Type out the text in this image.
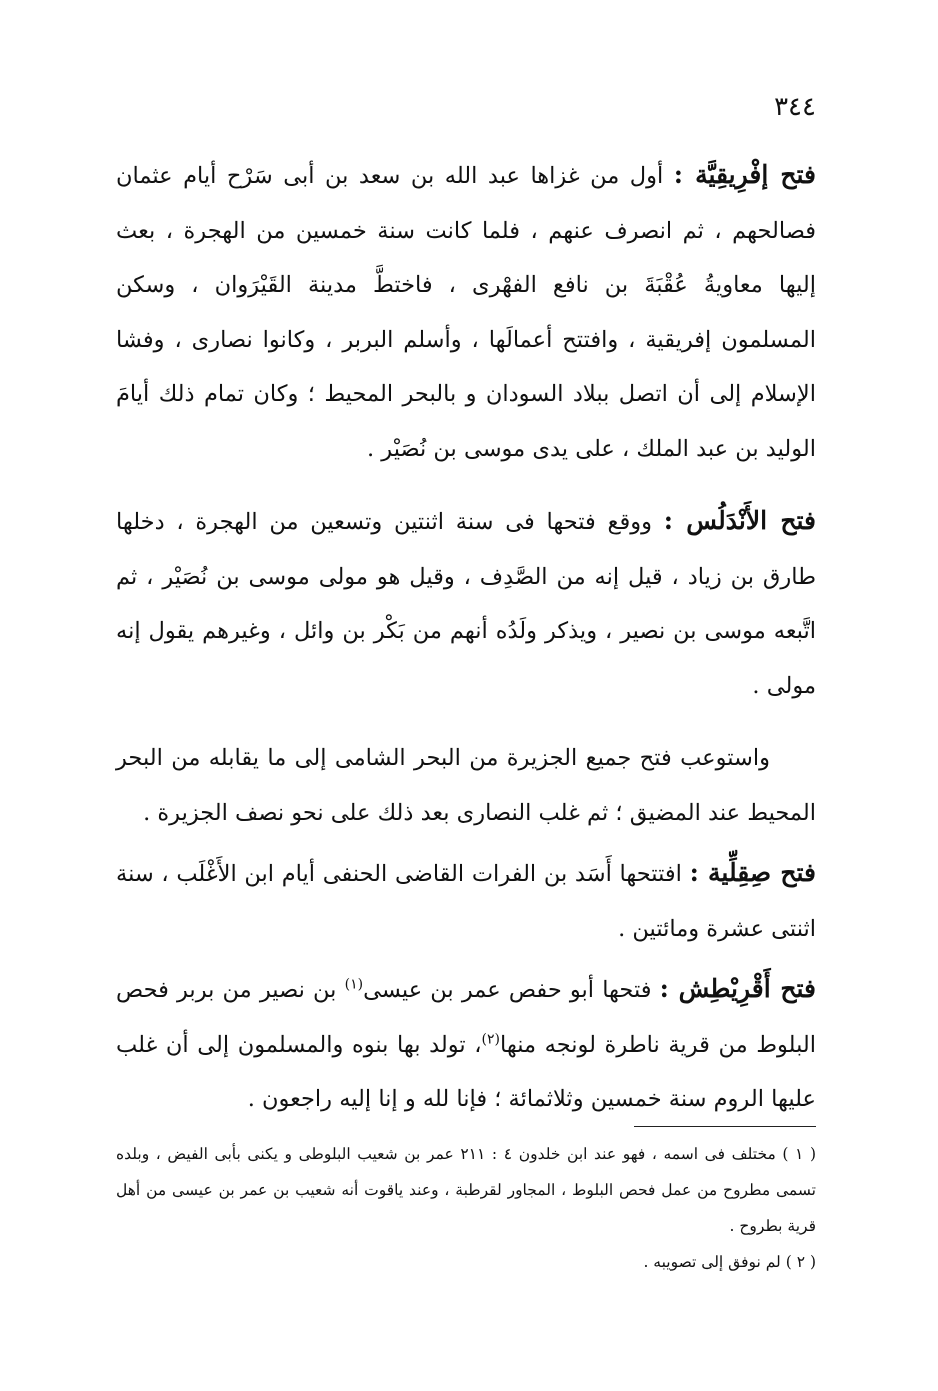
٣٤٤

فتح إفْرِيقِيَّة : أول من غزاها عبد الله بن سعد بن أبى سَرْح أيام عثمان فصالحهم ، ثم انصرف عنهم ، فلما كانت سنة خمسين من الهجرة ، بعث إليها معاويةُ عُقْبَةَ بن نافع الفهْرى ، فاختطَّ مدينة القَيْرَوان ، وسكن المسلمون إفريقية ، وافتتح أعمالَها ، وأسلم البربر ، وكانوا نصارى ، وفشا الإسلام إلى أن اتصل ببلاد السودان و بالبحر المحيط ؛ وكان تمام ذلك أيامَ الوليد بن عبد الملك ، على يدى موسى بن نُصَيْر .

فتح الأَنْدَلُس : ووقع فتحها فى سنة اثنتين وتسعين من الهجرة ، دخلها طارق بن زياد ، قيل إنه من الصَّدِف ، وقيل هو مولى موسى بن نُصَيْر ، ثم اتَّبعه موسى بن نصير ، ويذكر ولَدُه أنهم من بَكْر بن وائل ، وغيرهم يقول إنه مولى .

واستوعب فتح جميع الجزيرة من البحر الشامى إلى ما يقابله من البحر المحيط عند المضيق ؛ ثم غلب النصارى بعد ذلك على نحو نصف الجزيرة .

فتح صِقِلِّية : افتتحها أَسَد بن الفرات القاضى الحنفى أيام ابن الأَغْلَب ، سنة اثنتى عشرة ومائتين .

فتح أَقْرِيْطِش : فتحها أبو حفص عمر بن عيسى$^{(١)}$ بن نصير من بربر فحص البلوط من قرية ناطرة لونجه منها$^{(٢)}$، تولد بها بنوه والمسلمون إلى أن غلب عليها الروم سنة خمسين وثلاثمائة ؛ فإنا لله و إنا إليه راجعون .

( ١ ) مختلف فى اسمه ، فهو عند ابن خلدون ٤ : ٢١١ عمر بن شعيب البلوطى و يكنى بأبى الفيض ، وبلده تسمى مطروح من عمل فحص البلوط ، المجاور لقرطبة ، وعند ياقوت أنه شعيب بن عمر بن عيسى من أهل قرية بطروح .

( ٢ ) لم نوفق إلى تصويبه .
